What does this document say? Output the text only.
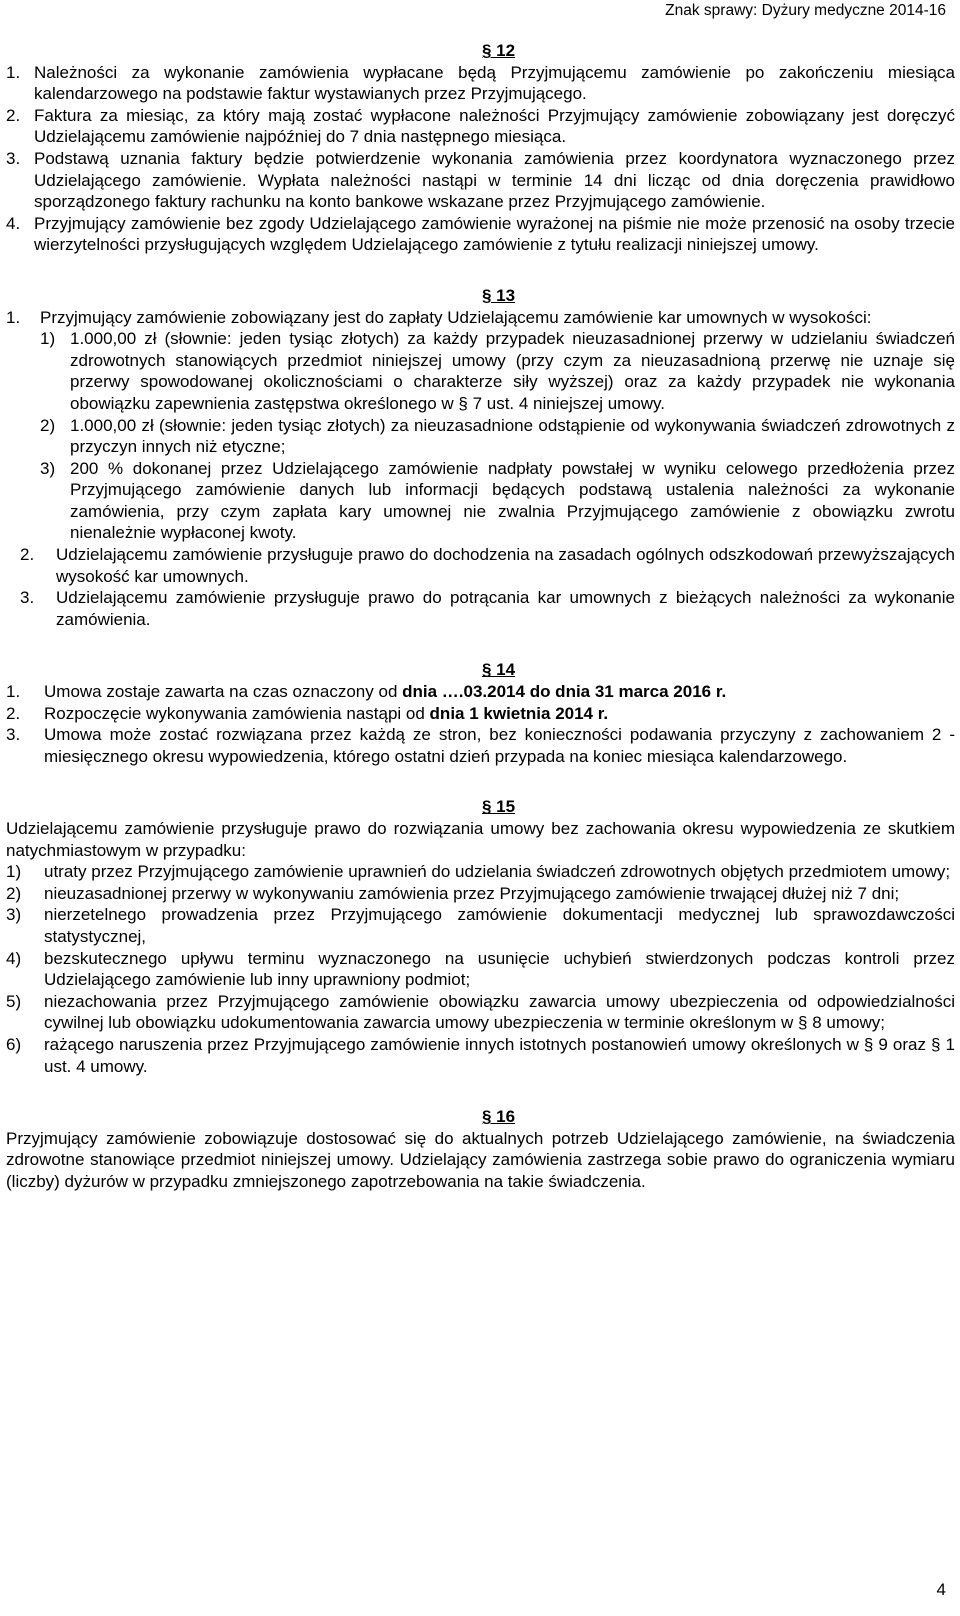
Znak sprawy: Dyżury medyczne 2014-16

§ 12

1. Należności za wykonanie zamówienia wypłacane będą Przyjmującemu zamówienie po zakończeniu miesiąca kalendarzowego na podstawie faktur wystawianych przez Przyjmującego.
2. Faktura za miesiąc, za który mają zostać wypłacone należności Przyjmujący zamówienie zobowiązany jest doręczyć Udzielającemu zamówienie najpóźniej do 7 dnia następnego miesiąca.
3. Podstawą uznania faktury będzie potwierdzenie wykonania zamówienia przez koordynatora wyznaczonego przez Udzielającego zamówienie. Wypłata należności nastąpi w terminie 14 dni licząc od dnia doręczenia prawidłowo sporządzonego faktury rachunku na konto bankowe wskazane przez Przyjmującego zamówienie.
4. Przyjmujący zamówienie bez zgody Udzielającego zamówienie wyrażonej na piśmie nie może przenosić na osoby trzecie wierzytelności przysługujących względem Udzielającego zamówienie z tytułu realizacji niniejszej umowy.

§ 13

1.	Przyjmujący zamówienie zobowiązany jest do zapłaty Udzielającemu zamówienie kar umownych w wysokości:
1) 1.000,00 zł (słownie: jeden tysiąc złotych) za każdy przypadek nieuzasadnionej przerwy w udzielaniu świadczeń zdrowotnych stanowiących przedmiot niniejszej umowy (przy czym za nieuzasadnioną przerwę nie uznaje się przerwy spowodowanej okolicznościami o charakterze siły wyższej) oraz za każdy przypadek nie wykonania obowiązku zapewnienia zastępstwa określonego w § 7 ust. 4 niniejszej umowy.
2) 1.000,00 zł (słownie: jeden tysiąc złotych) za nieuzasadnione odstąpienie od wykonywania świadczeń zdrowotnych z przyczyn innych niż etyczne;
3) 200 % dokonanej przez Udzielającego zamówienie nadpłaty powstałej w wyniku celowego przedłożenia przez Przyjmującego zamówienie danych lub informacji będących podstawą ustalenia należności za wykonanie zamówienia, przy czym zapłata kary umownej nie zwalnia Przyjmującego zamówienie z obowiązku zwrotu nienależnie wypłaconej kwoty.
2.	Udzielającemu zamówienie przysługuje prawo do dochodzenia na zasadach ogólnych odszkodowań przewyższających wysokość kar umownych.
3.	Udzielającemu zamówienie przysługuje prawo do potrącania kar umownych z bieżących należności za wykonanie zamówienia.

§ 14

1.	Umowa zostaje zawarta na czas oznaczony od dnia ….03.2014 do dnia 31 marca 2016 r.
2.	Rozpoczęcie wykonywania zamówienia nastąpi od dnia 1 kwietnia 2014 r.
3.	Umowa może zostać rozwiązana przez każdą ze stron, bez konieczności podawania przyczyny z zachowaniem 2 - miesięcznego okresu wypowiedzenia, którego ostatni dzień przypada na koniec miesiąca kalendarzowego.

§ 15

Udzielającemu zamówienie przysługuje prawo do rozwiązania umowy bez zachowania okresu wypowiedzenia ze skutkiem natychmiastowym w przypadku:

1)	utraty przez Przyjmującego zamówienie uprawnień do udzielania świadczeń zdrowotnych objętych przedmiotem umowy;
2)	nieuzasadnionej przerwy w wykonywaniu zamówienia przez Przyjmującego zamówienie trwającej dłużej niż 7 dni;
3)	nierzetelnego prowadzenia przez Przyjmującego zamówienie dokumentacji medycznej lub sprawozdawczości statystycznej,
4)	bezskutecznego upływu terminu wyznaczonego na usunięcie uchybień stwierdzonych podczas kontroli przez Udzielającego zamówienie lub inny uprawniony podmiot;
5)	niezachowania przez Przyjmującego zamówienie obowiązku zawarcia umowy ubezpieczenia od odpowiedzialności cywilnej lub obowiązku udokumentowania zawarcia umowy ubezpieczenia w terminie określonym w § 8 umowy;
6)	rażącego naruszenia przez Przyjmującego zamówienie innych istotnych postanowień umowy określonych w § 9 oraz § 1 ust. 4 umowy.

§ 16

Przyjmujący zamówienie zobowiązuje dostosować się do aktualnych potrzeb Udzielającego zamówienie, na świadczenia zdrowotne stanowiące przedmiot niniejszej umowy. Udzielający zamówienia zastrzega sobie prawo do ograniczenia wymiaru (liczby) dyżurów w przypadku zmniejszonego zapotrzebowania na takie świadczenia.

4
